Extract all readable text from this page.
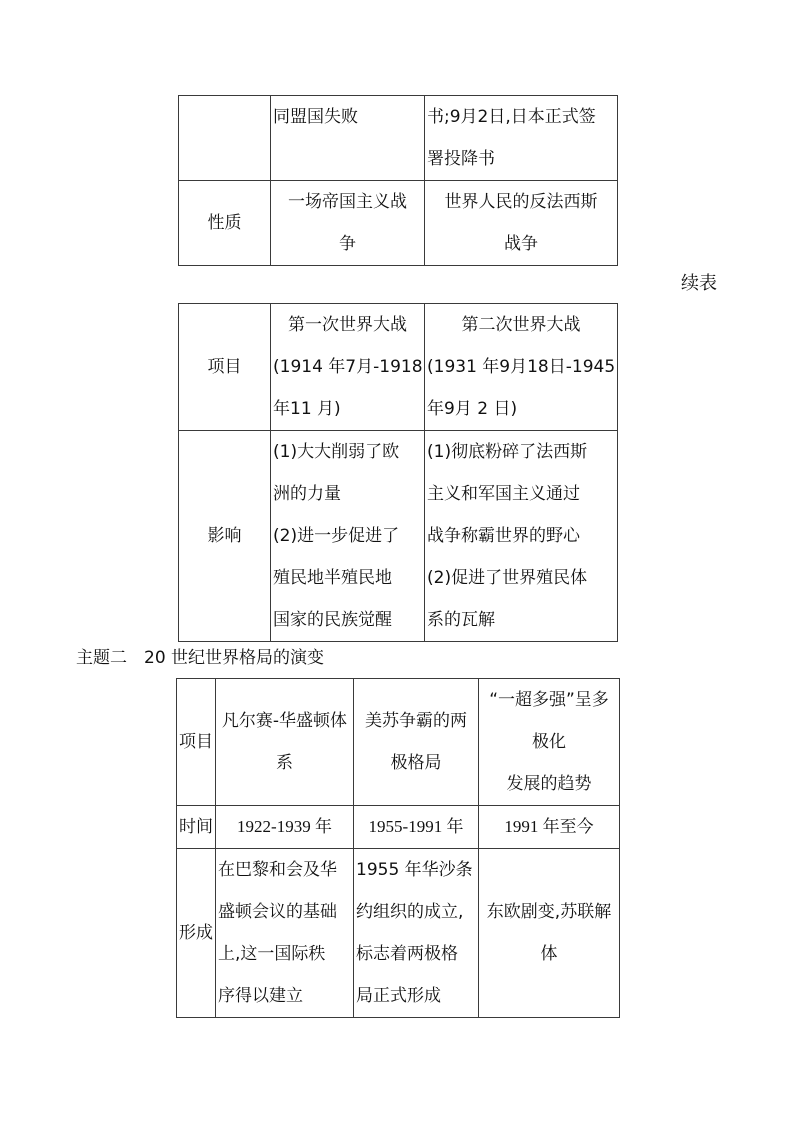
	同盟国失败	书;9月2日,日本正式签
署投降书

性质	一场帝国主义战
争	世界人民的反法西斯
战争
续表
项目	第一次世界大战
(1914 年7月-1918
年11 月)	第二次世界大战
(1931 年9月18日-1945
年9月 2 日)

影响	(1)大大削弱了欧
洲的力量
(2)进一步促进了
殖民地半殖民地
国家的民族觉醒	(1)彻底粉碎了法西斯
主义和军国主义通过
战争称霸世界的野心
(2)促进了世界殖民体
系的瓦解
主题二　20 世纪世界格局的演变
项目	凡尔赛-华盛顿体
系	美苏争霸的两
极格局	“一超多强”呈多
极化
发展的趋势

时间	1922-1939 年	1955-1991 年	1991 年至今
形成	在巴黎和会及华
盛顿会议的基础
上,这一国际秩
序得以建立	1955 年华沙条
约组织的成立,
标志着两极格
局正式形成	东欧剧变,苏联解
体
